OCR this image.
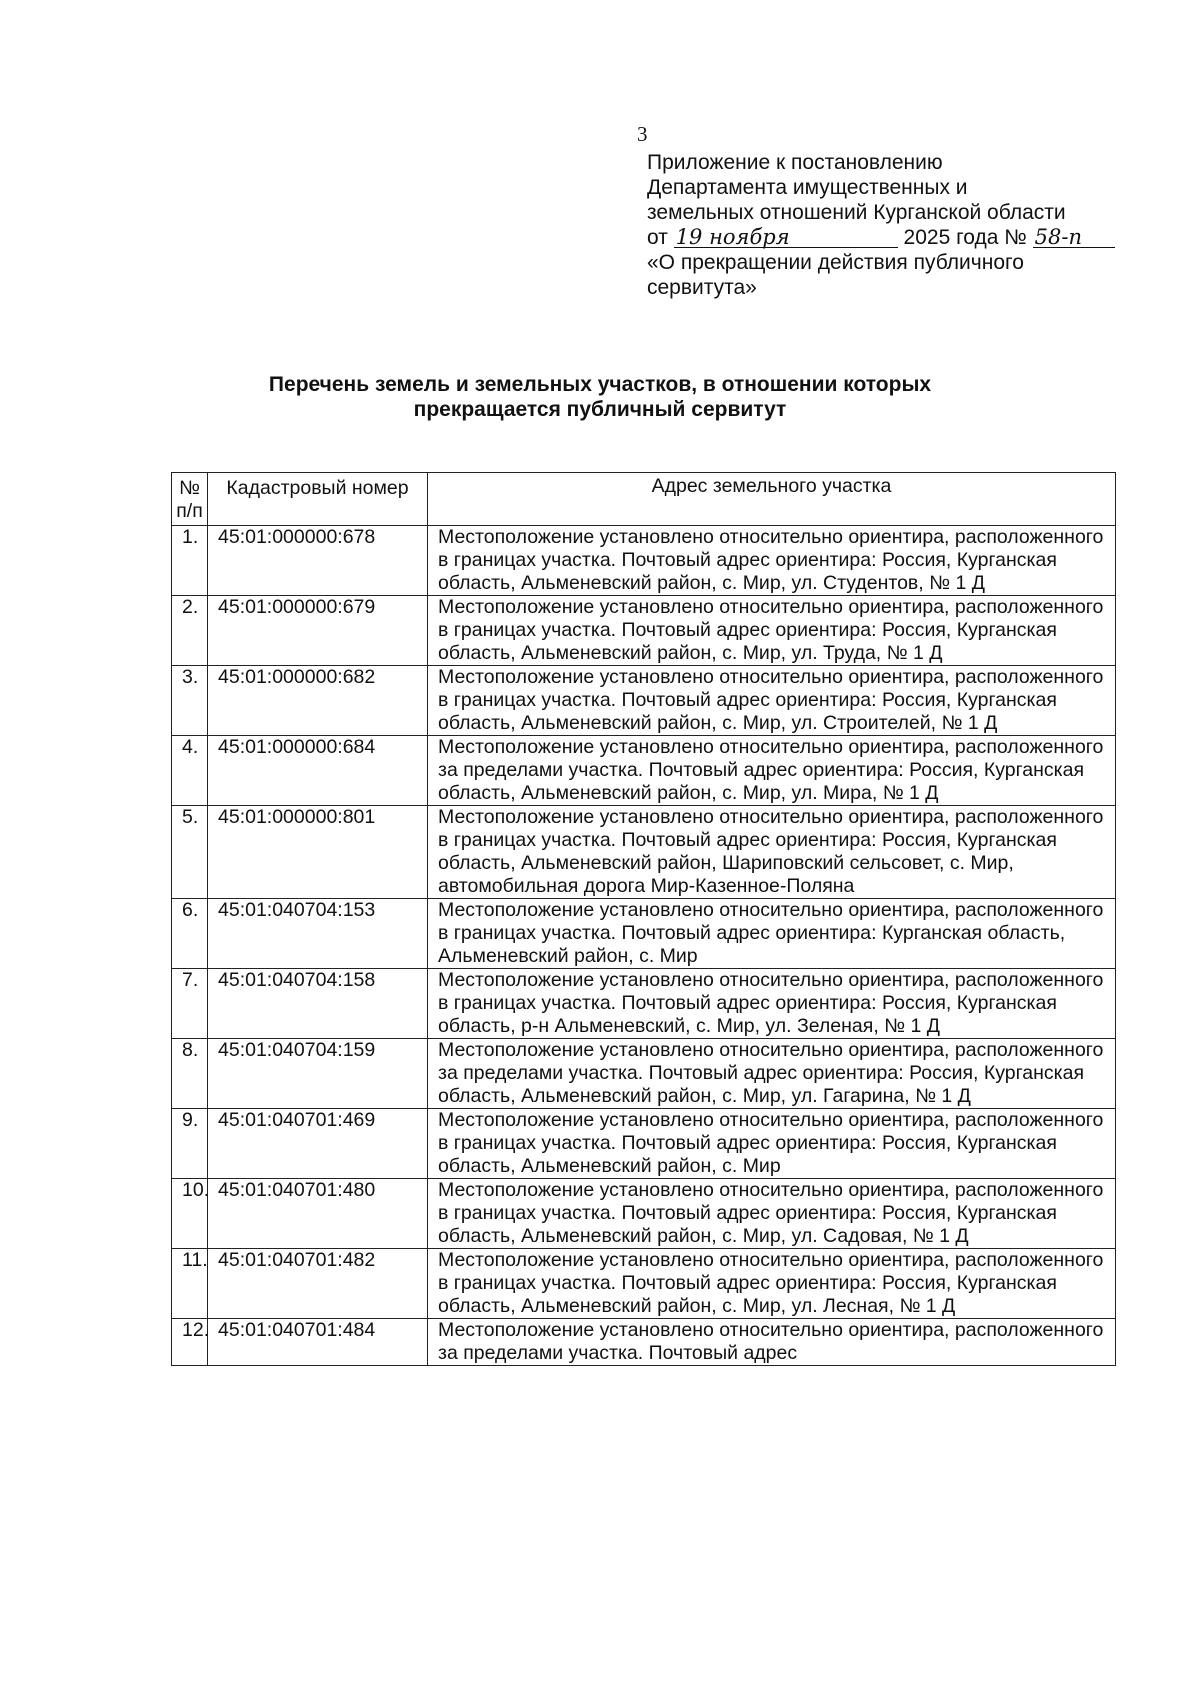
3
Приложение к постановлению
Департамента имущественных и
земельных отношений Курганской области
от 19 ноября	2025 года № 58-п
«О прекращении действия публичного
сервитута»
Перечень земель и земельных участков, в отношении которых
прекращается публичный сервитут
№ п/п	Кадастровый номер	Адрес земельного участка
1.	45:01:000000:678	Местоположение установлено относительно ориентира, расположенного в границах участка. Почтовый адрес ориентира: Россия, Курганская область, Альменевский район, с. Мир, ул. Студентов, № 1 Д
2.	45:01:000000:679	Местоположение установлено относительно ориентира, расположенного в границах участка. Почтовый адрес ориентира: Россия, Курганская область, Альменевский район, с. Мир, ул. Труда, № 1 Д
3.	45:01:000000:682	Местоположение установлено относительно ориентира, расположенного в границах участка. Почтовый адрес ориентира: Россия, Курганская область, Альменевский район, с. Мир, ул. Строителей, № 1 Д
4.	45:01:000000:684	Местоположение установлено относительно ориентира, расположенного за пределами участка. Почтовый адрес ориентира: Россия, Курганская область, Альменевский район, с. Мир, ул. Мира, № 1 Д
5.	45:01:000000:801	Местоположение установлено относительно ориентира, расположенного в границах участка. Почтовый адрес ориентира: Россия, Курганская область, Альменевский район, Шариповский сельсовет, с. Мир, автомобильная дорога Мир-Казенное-Поляна
6.	45:01:040704:153	Местоположение установлено относительно ориентира, расположенного в границах участка. Почтовый адрес ориентира: Курганская область, Альменевский район, с. Мир
7.	45:01:040704:158	Местоположение установлено относительно ориентира, расположенного в границах участка. Почтовый адрес ориентира: Россия, Курганская область, р-н Альменевский, с. Мир, ул. Зеленая, № 1 Д
8.	45:01:040704:159	Местоположение установлено относительно ориентира, расположенного за пределами участка. Почтовый адрес ориентира: Россия, Курганская область, Альменевский район, с. Мир, ул. Гагарина, № 1 Д
9.	45:01:040701:469	Местоположение установлено относительно ориентира, расположенного в границах участка. Почтовый адрес ориентира: Россия, Курганская область, Альменевский район, с. Мир
10.	45:01:040701:480	Местоположение установлено относительно ориентира, расположенного в границах участка. Почтовый адрес ориентира: Россия, Курганская область, Альменевский район, с. Мир, ул. Садовая, № 1 Д
11.	45:01:040701:482	Местоположение установлено относительно ориентира, расположенного в границах участка. Почтовый адрес ориентира: Россия, Курганская область, Альменевский район, с. Мир, ул. Лесная, № 1 Д
12.	45:01:040701:484	Местоположение установлено относительно ориентира, расположенного за пределами участка. Почтовый адрес
